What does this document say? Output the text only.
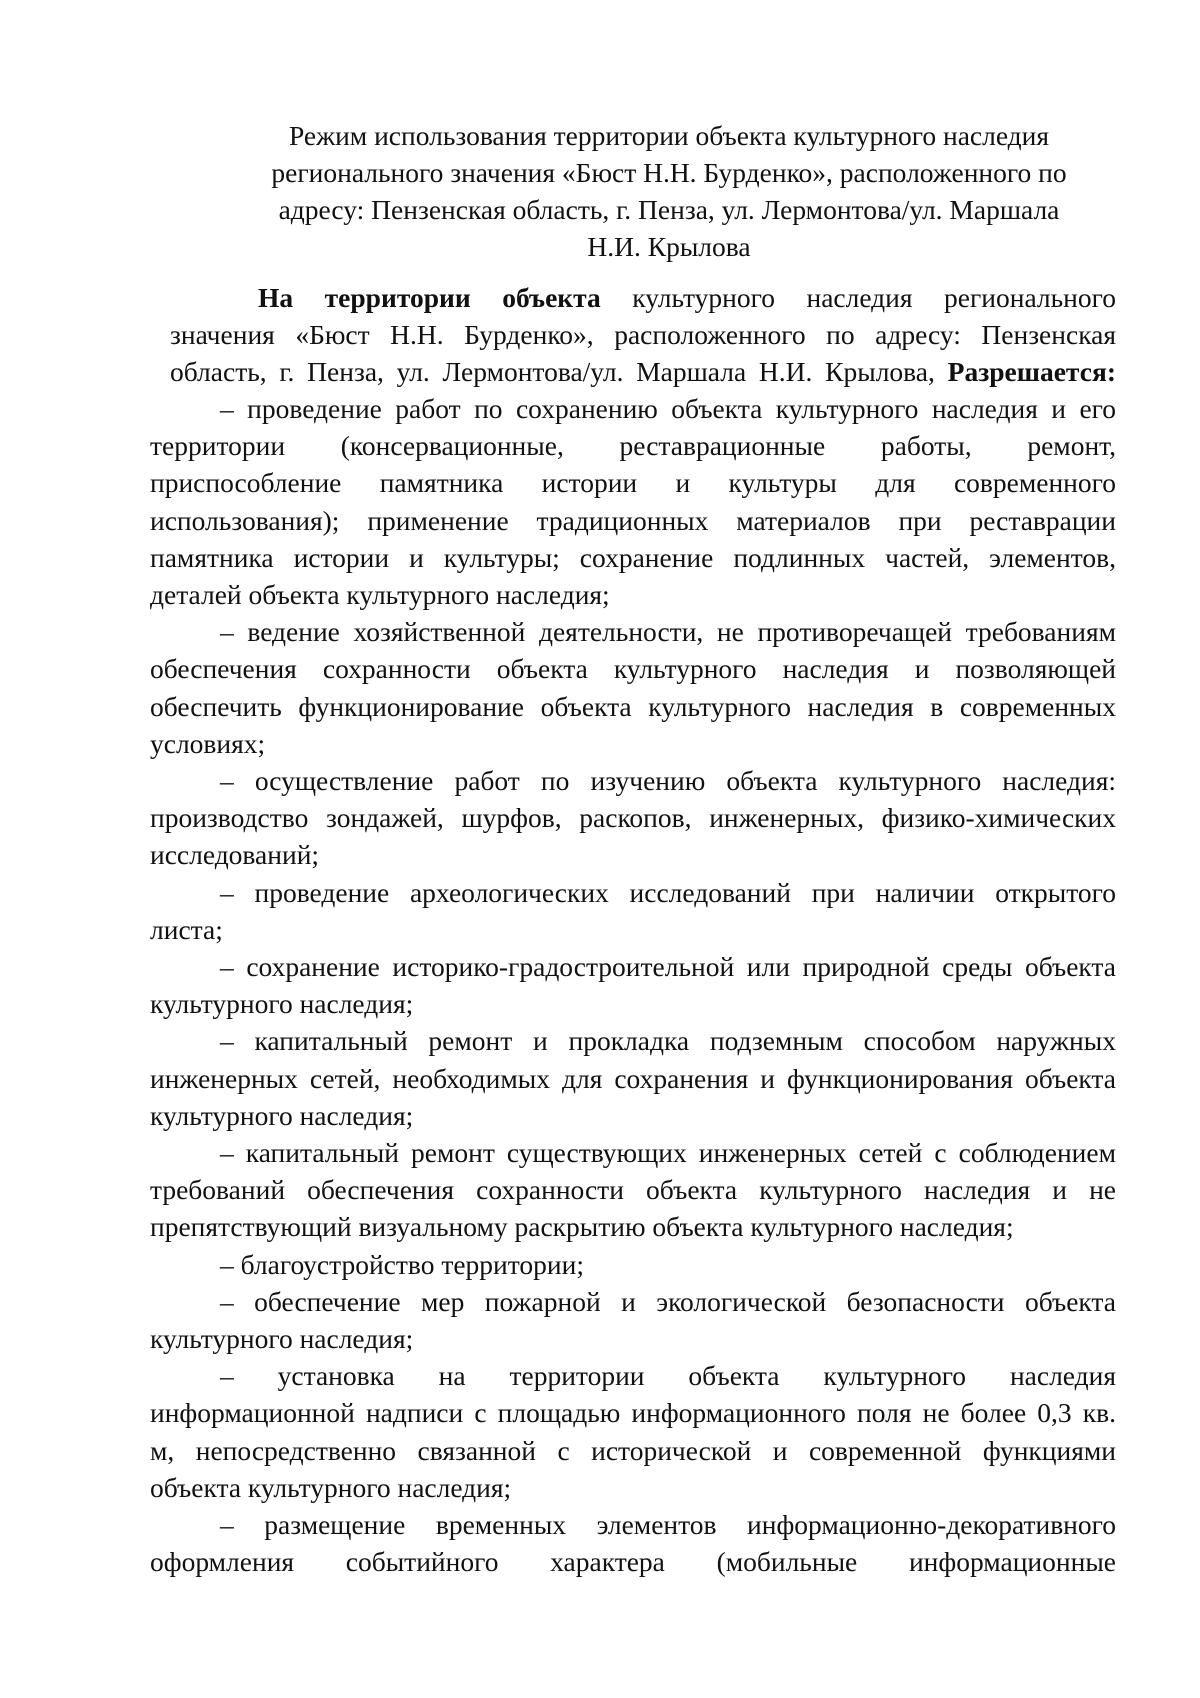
Режим использования территории объекта культурного наследия
регионального значения «Бюст Н.Н. Бурденко», расположенного по
адресу: Пензенская область, г. Пенза, ул. Лермонтова/ул. Маршала
Н.И. Крылова
На территории объекта культурного наследия регионального
значения «Бюст Н.Н. Бурденко», расположенного по адресу: Пензенская
область, г. Пенза, ул. Лермонтова/ул. Маршала Н.И. Крылова, Разрешается:
– проведение работ по сохранению объекта культурного наследия и его
территории (консервационные, реставрационные работы, ремонт,
приспособление памятника истории и культуры для современного
использования); применение традиционных материалов при реставрации
памятника истории и культуры; сохранение подлинных частей, элементов,
деталей объекта культурного наследия;
– ведение хозяйственной деятельности, не противоречащей требованиям
обеспечения сохранности объекта культурного наследия и позволяющей
обеспечить функционирование объекта культурного наследия в современных
условиях;
– осуществление работ по изучению объекта культурного наследия:
производство зондажей, шурфов, раскопов, инженерных, физико-химических
исследований;
– проведение археологических исследований при наличии открытого
листа;
– сохранение историко-градостроительной или природной среды объекта
культурного наследия;
– капитальный ремонт и прокладка подземным способом наружных
инженерных сетей, необходимых для сохранения и функционирования объекта
культурного наследия;
– капитальный ремонт существующих инженерных сетей с соблюдением
требований обеспечения сохранности объекта культурного наследия и не
препятствующий визуальному раскрытию объекта культурного наследия;
– благоустройство территории;
– обеспечение мер пожарной и экологической безопасности объекта
культурного наследия;
– установка на территории объекта культурного наследия
информационной надписи с площадью информационного поля не более 0,3 кв.
м, непосредственно связанной с исторической и современной функциями
объекта культурного наследия;
– размещение временных элементов информационно-декоративного
оформления событийного характера (мобильные информационные
